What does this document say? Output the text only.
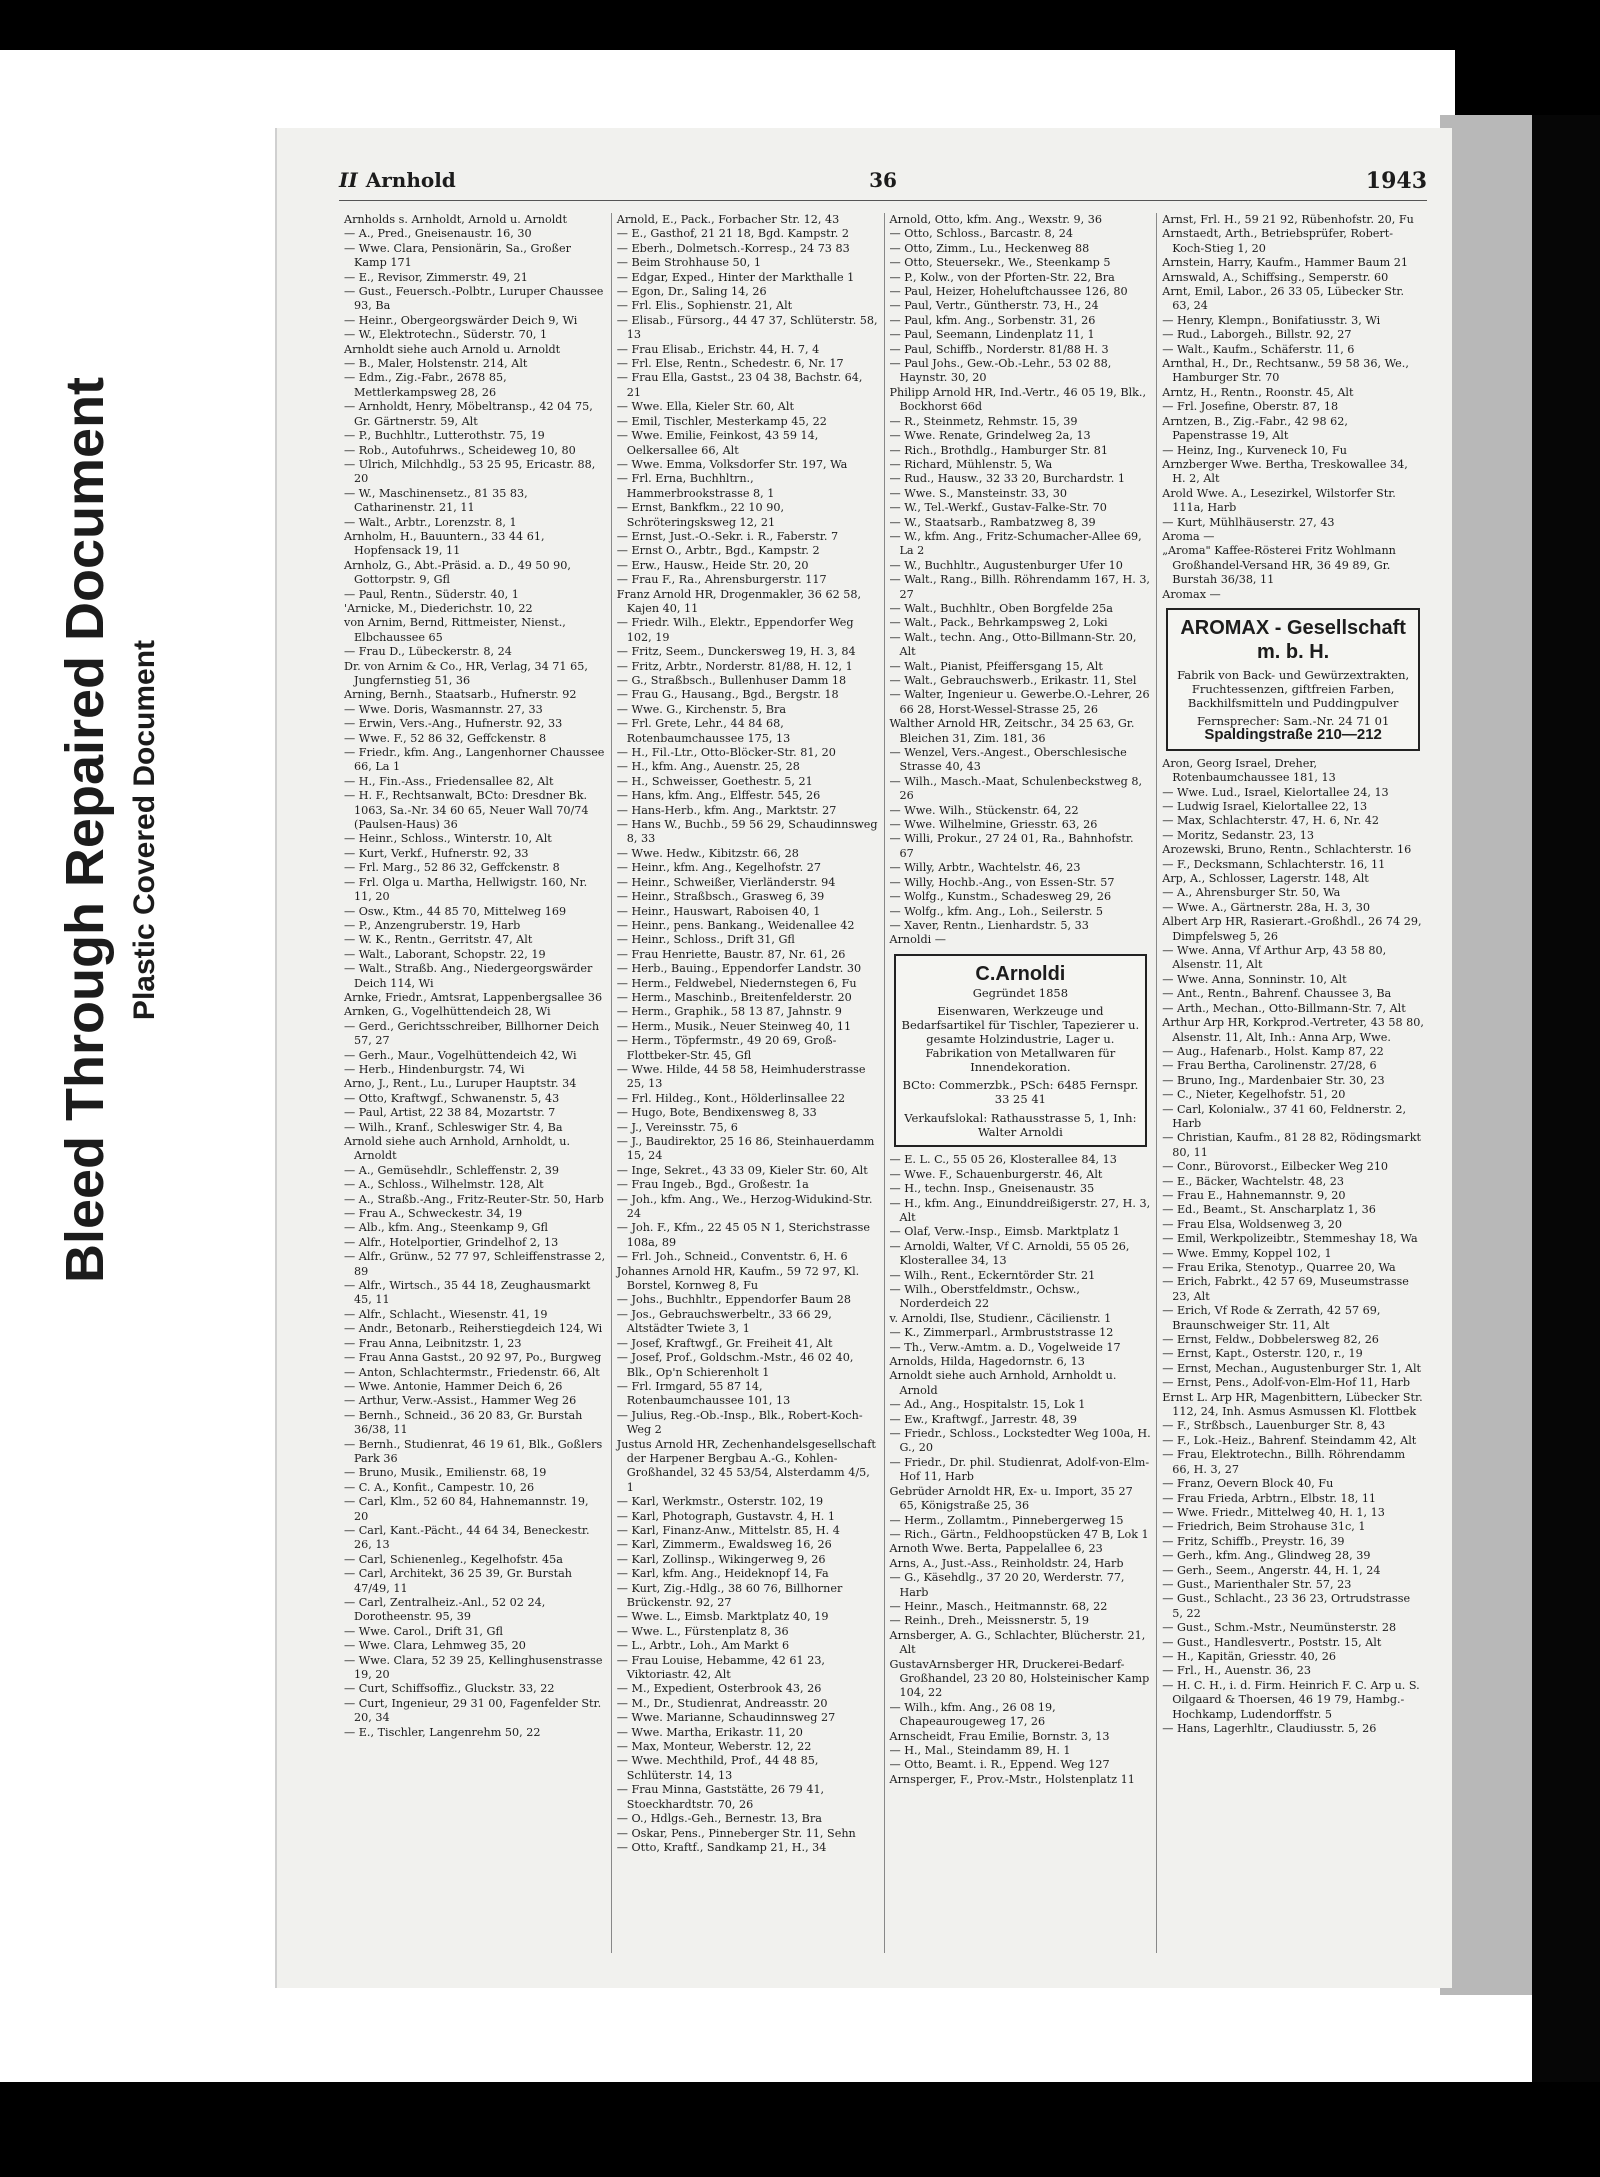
Bleed Through Repaired Document Plastic Covered Document
II Arnhold	36	1943
Arnholds s. Arnholdt, Arnold u. Arnoldt
— A., Pred., Gneisenaustr. 16, 30
— Wwe. Clara, Pensionärin, Sa., Großer Kamp 171
— E., Revisor, Zimmerstr. 49, 21
— Gust., Feuersch.-Polbtr., Luruper Chaussee 93, Ba
— Heinr., Obergeorgswärder Deich 9, Wi
— W., Elektrotechn., Süderstr. 70, 1
Arnholdt siehe auch Arnold u. Arnoldt
— B., Maler, Holstenstr. 214, Alt
— Edm., Zig.-Fabr., 2678 85, Mettlerkampsweg 28, 26
— Arnholdt, Henry, Möbeltransp., 42 04 75, Gr. Gärtnerstr. 59, Alt
— P., Buchhltr., Lutterothstr. 75, 19
— Rob., Autofuhrws., Scheideweg 10, 80
— Ulrich, Milchhdlg., 53 25 95, Ericastr. 88, 20
— W., Maschinensetz., 81 35 83, Catharinenstr. 21, 11
— Walt., Arbtr., Lorenzstr. 8, 1
Arnholm, H., Bauuntern., 33 44 61, Hopfensack 19, 11
Arnholz, G., Abt.-Präsid. a. D., 49 50 90, Gottorpstr. 9, Gfl
— Paul, Rentn., Süderstr. 40, 1
'Arnicke, M., Diederichstr. 10, 22
von Arnim, Bernd, Rittmeister, Nienst., Elbchaussee 65
— Frau D., Lübeckerstr. 8, 24
Dr. von Arnim & Co., HR, Verlag, 34 71 65, Jungfernstieg 51, 36
Arning, Bernh., Staatsarb., Hufnerstr. 92
— Wwe. Doris, Wasmannstr. 27, 33
— Erwin, Vers.-Ang., Hufnerstr. 92, 33
— Wwe. F., 52 86 32, Geffckenstr. 8
— Friedr., kfm. Ang., Langenhorner Chaussee 66, La 1
— H., Fin.-Ass., Friedensallee 82, Alt
— H. F., Rechtsanwalt, BCto: Dresdner Bk. 1063, Sa.-Nr. 34 60 65, Neuer Wall 70/74 (Paulsen-Haus) 36
— Heinr., Schloss., Winterstr. 10, Alt
— Kurt, Verkf., Hufnerstr. 92, 33
— Frl. Marg., 52 86 32, Geffckenstr. 8
— Frl. Olga u. Martha, Hellwigstr. 160, Nr. 11, 20
— Osw., Ktm., 44 85 70, Mittelweg 169
— P., Anzengruberstr. 19, Harb
— W. K., Rentn., Gerritstr. 47, Alt
— Walt., Laborant, Schopstr. 22, 19
— Walt., Straßb. Ang., Niedergeorgswärder Deich 114, Wi
Arnke, Friedr., Amtsrat, Lappenbergsallee 36
Arnken, G., Vogelhüttendeich 28, Wi
— Gerd., Gerichtsschreiber, Billhorner Deich 57, 27
— Gerh., Maur., Vogelhüttendeich 42, Wi
— Herb., Hindenburgstr. 74, Wi
Arno, J., Rent., Lu., Luruper Hauptstr. 34
— Otto, Kraftwgf., Schwanenstr. 5, 43
— Paul, Artist, 22 38 84, Mozartstr. 7
— Wilh., Kranf., Schleswiger Str. 4, Ba
Arnold siehe auch Arnhold, Arnholdt, u. Arnoldt
— A., Gemüsehdlr., Schleffenstr. 2, 39
— A., Schloss., Wilhelmstr. 128, Alt
— A., Straßb.-Ang., Fritz-Reuter-Str. 50, Harb
— Frau A., Schweckestr. 34, 19
— Alb., kfm. Ang., Steenkamp 9, Gfl
— Alfr., Hotelportier, Grindelhof 2, 13
— Alfr., Grünw., 52 77 97, Schleiffenstrasse 2, 89
— Alfr., Wirtsch., 35 44 18, Zeughausmarkt 45, 11
— Alfr., Schlacht., Wiesenstr. 41, 19
— Andr., Betonarb., Reiherstiegdeich 124, Wi
— Frau Anna, Leibnitzstr. 1, 23
— Frau Anna Gastst., 20 92 97, Po., Burgweg
— Anton, Schlachtermstr., Friedenstr. 66, Alt
— Wwe. Antonie, Hammer Deich 6, 26
— Arthur, Verw.-Assist., Hammer Weg 26
— Bernh., Schneid., 36 20 83, Gr. Burstah 36/38, 11
— Bernh., Studienrat, 46 19 61, Blk., Goßlers Park 36
— Bruno, Musik., Emilienstr. 68, 19
— C. A., Konfit., Campestr. 10, 26
— Carl, Klm., 52 60 84, Hahnemannstr. 19, 20
— Carl, Kant.-Pächt., 44 64 34, Beneckestr. 26, 13
— Carl, Schienenleg., Kegelhofstr. 45a
— Carl, Architekt, 36 25 39, Gr. Burstah 47/49, 11
— Carl, Zentralheiz.-Anl., 52 02 24, Dorotheenstr. 95, 39
— Wwe. Carol., Drift 31, Gfl
— Wwe. Clara, Lehmweg 35, 20
— Wwe. Clara, 52 39 25, Kellinghusenstrasse 19, 20
— Curt, Schiffsoffiz., Gluckstr. 33, 22
— Curt, Ingenieur, 29 31 00, Fagenfelder Str. 20, 34
— E., Tischler, Langenrehm 50, 22
Arnold, E., Pack., Forbacher Str. 12, 43
— E., Gasthof, 21 21 18, Bgd. Kampstr. 2
— Eberh., Dolmetsch.-Korresp., 24 73 83
— Beim Strohhause 50, 1
— Edgar, Exped., Hinter der Markthalle 1
— Egon, Dr., Saling 14, 26
— Frl. Elis., Sophienstr. 21, Alt
— Elisab., Fürsorg., 44 47 37, Schlüterstr. 58, 13
— Frau Elisab., Erichstr. 44, H. 7, 4
— Frl. Else, Rentn., Schedestr. 6, Nr. 17
— Frau Ella, Gastst., 23 04 38, Bachstr. 64, 21
— Wwe. Ella, Kieler Str. 60, Alt
— Emil, Tischler, Mesterkamp 45, 22
— Wwe. Emilie, Feinkost, 43 59 14, Oelkersallee 66, Alt
— Wwe. Emma, Volksdorfer Str. 197, Wa
— Frl. Erna, Buchhltrn., Hammerbrookstrasse 8, 1
— Ernst, Bankfkm., 22 10 90, Schröteringsksweg 12, 21
— Ernst, Just.-O.-Sekr. i. R., Faberstr. 7
— Ernst O., Arbtr., Bgd., Kampstr. 2
— Erw., Hausw., Heide Str. 20, 20
— Frau F., Ra., Ahrensburgerstr. 117
Franz Arnold HR, Drogenmakler, 36 62 58, Kajen 40, 11
— Friedr. Wilh., Elektr., Eppendorfer Weg 102, 19
— Fritz, Seem., Dunckersweg 19, H. 3, 84
— Fritz, Arbtr., Norderstr. 81/88, H. 12, 1
— G., Straßbsch., Bullenhuser Damm 18
— Frau G., Hausang., Bgd., Bergstr. 18
— Wwe. G., Kirchenstr. 5, Bra
— Frl. Grete, Lehr., 44 84 68, Rotenbaumchaussee 175, 13
— H., Fil.-Ltr., Otto-Blöcker-Str. 81, 20
— H., kfm. Ang., Auenstr. 25, 28
— H., Schweisser, Goethestr. 5, 21
— Hans, kfm. Ang., Elffestr. 545, 26
— Hans-Herb., kfm. Ang., Marktstr. 27
— Hans W., Buchb., 59 56 29, Schaudinnsweg 8, 33
— Wwe. Hedw., Kibitzstr. 66, 28
— Heinr., kfm. Ang., Kegelhofstr. 27
— Heinr., Schweißer, Vierländerstr. 94
— Heinr., Straßbsch., Grasweg 6, 39
— Heinr., Hauswart, Raboisen 40, 1
— Heinr., pens. Bankang., Weidenallee 42
— Heinr., Schloss., Drift 31, Gfl
— Frau Henriette, Baustr. 87, Nr. 61, 26
— Herb., Bauing., Eppendorfer Landstr. 30
— Herm., Feldwebel, Niedernstegen 6, Fu
— Herm., Maschinb., Breitenfelderstr. 20
— Herm., Graphik., 58 13 87, Jahnstr. 9
— Herm., Musik., Neuer Steinweg 40, 11
— Herm., Töpfermstr., 49 20 69, Groß-Flottbeker-Str. 45, Gfl
— Wwe. Hilde, 44 58 58, Heimhuderstrasse 25, 13
— Frl. Hildeg., Kont., Hölderlinsallee 22
— Hugo, Bote, Bendixensweg 8, 33
— J., Vereinsstr. 75, 6
— J., Baudirektor, 25 16 86, Steinhauerdamm 15, 24
— Inge, Sekret., 43 33 09, Kieler Str. 60, Alt
— Frau Ingeb., Bgd., Großestr. 1a
— Joh., kfm. Ang., We., Herzog-Widukind-Str. 24
— Joh. F., Kfm., 22 45 05 N 1, Sterichstrasse 108a, 89
— Frl. Joh., Schneid., Conventstr. 6, H. 6
Johannes Arnold HR, Kaufm., 59 72 97, Kl. Borstel, Kornweg 8, Fu
— Johs., Buchhltr., Eppendorfer Baum 28
— Jos., Gebrauchswerbeltr., 33 66 29, Altstädter Twiete 3, 1
— Josef, Kraftwgf., Gr. Freiheit 41, Alt
— Josef, Prof., Goldschm.-Mstr., 46 02 40, Blk., Op'n Schierenholt 1
— Frl. Irmgard, 55 87 14, Rotenbaumchaussee 101, 13
— Julius, Reg.-Ob.-Insp., Blk., Robert-Koch-Weg 2
Justus Arnold HR, Zechenhandelsgesellschaft der Harpener Bergbau A.-G., Kohlen-Großhandel, 32 45 53/54, Alsterdamm 4/5, 1
— Karl, Werkmstr., Osterstr. 102, 19
— Karl, Photograph, Gustavstr. 4, H. 1
— Karl, Finanz-Anw., Mittelstr. 85, H. 4
— Karl, Zimmerm., Ewaldsweg 16, 26
— Karl, Zollinsp., Wikingerweg 9, 26
— Karl, kfm. Ang., Heideknopf 14, Fa
— Kurt, Zig.-Hdlg., 38 60 76, Billhorner Brückenstr. 92, 27
— Wwe. L., Eimsb. Marktplatz 40, 19
— Wwe. L., Fürstenplatz 8, 36
— L., Arbtr., Loh., Am Markt 6
— Frau Louise, Hebamme, 42 61 23, Viktoriastr. 42, Alt
— M., Expedient, Osterbrook 43, 26
— M., Dr., Studienrat, Andreasstr. 20
— Wwe. Marianne, Schaudinnsweg 27
— Wwe. Martha, Erikastr. 11, 20
— Max, Monteur, Weberstr. 12, 22
— Wwe. Mechthild, Prof., 44 48 85, Schlüterstr. 14, 13
— Frau Minna, Gaststätte, 26 79 41, Stoeckhardtstr. 70, 26
— O., Hdlgs.-Geh., Bernestr. 13, Bra
— Oskar, Pens., Pinneberger Str. 11, Sehn
— Otto, Kraftf., Sandkamp 21, H., 34
Arnold, Otto, kfm. Ang., Wexstr. 9, 36
— Otto, Schloss., Barcastr. 8, 24
— Otto, Zimm., Lu., Heckenweg 88
— Otto, Steuersekr., We., Steenkamp 5
— P., Kolw., von der Pforten-Str. 22, Bra
— Paul, Heizer, Hoheluftchaussee 126, 80
— Paul, Vertr., Güntherstr. 73, H., 24
— Paul, kfm. Ang., Sorbenstr. 31, 26
— Paul, Seemann, Lindenplatz 11, 1
— Paul, Schiffb., Norderstr. 81/88 H. 3
— Paul Johs., Gew.-Ob.-Lehr., 53 02 88, Haynstr. 30, 20
Philipp Arnold HR, Ind.-Vertr., 46 05 19, Blk., Bockhorst 66d
— R., Steinmetz, Rehmstr. 15, 39
— Wwe. Renate, Grindelweg 2a, 13
— Rich., Brothdlg., Hamburger Str. 81
— Richard, Mühlenstr. 5, Wa
— Rud., Hausw., 32 33 20, Burchardstr. 1
— Wwe. S., Mansteinstr. 33, 30
— W., Tel.-Werkf., Gustav-Falke-Str. 70
— W., Staatsarb., Rambatzweg 8, 39
— W., kfm. Ang., Fritz-Schumacher-Allee 69, La 2
— W., Buchhltr., Augustenburger Ufer 10
— Walt., Rang., Billh. Röhrendamm 167, H. 3, 27
— Walt., Buchhltr., Oben Borgfelde 25a
— Walt., Pack., Behrkampsweg 2, Loki
— Walt., techn. Ang., Otto-Billmann-Str. 20, Alt
— Walt., Pianist, Pfeiffersgang 15, Alt
— Walt., Gebrauchswerb., Erikastr. 11, Stel
— Walter, Ingenieur u. Gewerbe.O.-Lehrer, 26 66 28, Horst-Wessel-Strasse 25, 26
Walther Arnold HR, Zeitschr., 34 25 63, Gr. Bleichen 31, Zim. 181, 36
— Wenzel, Vers.-Angest., Oberschlesische Strasse 40, 43
— Wilh., Masch.-Maat, Schulenbeckstweg 8, 26
— Wwe. Wilh., Stückenstr. 64, 22
— Wwe. Wilhelmine, Griesstr. 63, 26
— Willi, Prokur., 27 24 01, Ra., Bahnhofstr. 67
— Willy, Arbtr., Wachtelstr. 46, 23
— Willy, Hochb.-Ang., von Essen-Str. 57
— Wolfg., Kunstm., Schadesweg 29, 26
— Wolfg., kfm. Ang., Loh., Seilerstr. 5
— Xaver, Rentn., Lienhardstr. 5, 33
Arnoldi —
C.Arnoldi
Gegründet 1858
Eisenwaren, Werkzeuge und Bedarfsartikel für Tischler, Tapezierer u. gesamte Holzindustrie, Lager u. Fabrikation von Metallwaren für Innendekoration.
BCto: Commerzbk., PSch: 6485 Fernspr. 33 25 41
Verkaufslokal: Rathausstrasse 5, 1, Inh: Walter Arnoldi
— E. L. C., 55 05 26, Klosterallee 84, 13
— Wwe. F., Schauenburgerstr. 46, Alt
— H., techn. Insp., Gneisenaustr. 35
— H., kfm. Ang., Einunddreißigerstr. 27, H. 3, Alt
— Olaf, Verw.-Insp., Eimsb. Marktplatz 1
— Arnoldi, Walter, Vf C. Arnoldi, 55 05 26, Klosterallee 34, 13
— Wilh., Rent., Eckerntörder Str. 21
— Wilh., Oberstfeldmstr., Ochsw., Norderdeich 22
v. Arnoldi, Ilse, Studienr., Cäcilienstr. 1
— K., Zimmerparl., Armbruststrasse 12
— Th., Verw.-Amtm. a. D., Vogelweide 17
Arnolds, Hilda, Hagedornstr. 6, 13
Arnoldt siehe auch Arnhold, Arnholdt u. Arnold
— Ad., Ang., Hospitalstr. 15, Lok 1
— Ew., Kraftwgf., Jarrestr. 48, 39
— Friedr., Schloss., Lockstedter Weg 100a, H. G., 20
— Friedr., Dr. phil. Studienrat, Adolf-von-Elm-Hof 11, Harb
Gebrüder Arnoldt HR, Ex- u. Import, 35 27 65, Königstraße 25, 36
— Herm., Zollamtm., Pinnebergerweg 15
— Rich., Gärtn., Feldhoopstücken 47 B, Lok 1
Arnoth Wwe. Berta, Pappelallee 6, 23
Arns, A., Just.-Ass., Reinholdstr. 24, Harb
— G., Käsehdlg., 37 20 20, Werderstr. 77, Harb
— Heinr., Masch., Heitmannstr. 68, 22
— Reinh., Dreh., Meissnerstr. 5, 19
Arnsberger, A. G., Schlachter, Blücherstr. 21, Alt
GustavArnsberger HR, Druckerei-Bedarf-Großhandel, 23 20 80, Holsteinischer Kamp 104, 22
— Wilh., kfm. Ang., 26 08 19, Chapeaurougeweg 17, 26
Arnscheidt, Frau Emilie, Bornstr. 3, 13
— H., Mal., Steindamm 89, H. 1
— Otto, Beamt. i. R., Eppend. Weg 127
Arnsperger, F., Prov.-Mstr., Holstenplatz 11
Arnst, Frl. H., 59 21 92, Rübenhofstr. 20, Fu
Arnstaedt, Arth., Betriebsprüfer, Robert-Koch-Stieg 1, 20
Arnstein, Harry, Kaufm., Hammer Baum 21
Arnswald, A., Schiffsing., Semperstr. 60
Arnt, Emil, Labor., 26 33 05, Lübecker Str. 63, 24
— Henry, Klempn., Bonifatiusstr. 3, Wi
— Rud., Laborgeh., Billstr. 92, 27
— Walt., Kaufm., Schäferstr. 11, 6
Arnthal, H., Dr., Rechtsanw., 59 58 36, We., Hamburger Str. 70
Arntz, H., Rentn., Roonstr. 45, Alt
— Frl. Josefine, Oberstr. 87, 18
Arntzen, B., Zig.-Fabr., 42 98 62, Papenstrasse 19, Alt
— Heinz, Ing., Kurveneck 10, Fu
Arnzberger Wwe. Bertha, Treskowallee 34, H. 2, Alt
Arold Wwe. A., Lesezirkel, Wilstorfer Str. 111a, Harb
— Kurt, Mühlhäuserstr. 27, 43
Aroma —
„Aroma" Kaffee-Rösterei Fritz Wohlmann Großhandel-Versand HR, 36 49 89, Gr. Burstah 36/38, 11
Aromax —
AROMAX - Gesellschaft m. b. H.
Fabrik von Back- und Gewürzextrakten, Fruchtessenzen, giftfreien Farben, Backhilfsmitteln und Puddingpulver
Fernsprecher: Sam.-Nr. 24 71 01
Spaldingstraße 210—212
Aron, Georg Israel, Dreher, Rotenbaumchaussee 181, 13
— Wwe. Lud., Israel, Kielortallee 24, 13
— Ludwig Israel, Kielortallee 22, 13
— Max, Schlachterstr. 47, H. 6, Nr. 42
— Moritz, Sedanstr. 23, 13
Arozewski, Bruno, Rentn., Schlachterstr. 16
— F., Decksmann, Schlachterstr. 16, 11
Arp, A., Schlosser, Lagerstr. 148, Alt
— A., Ahrensburger Str. 50, Wa
— Wwe. A., Gärtnerstr. 28a, H. 3, 30
Albert Arp HR, Rasierart.-Großhdl., 26 74 29, Dimpfelsweg 5, 26
— Wwe. Anna, Vf Arthur Arp, 43 58 80, Alsenstr. 11, Alt
— Wwe. Anna, Sonninstr. 10, Alt
— Ant., Rentn., Bahrenf. Chaussee 3, Ba
— Arth., Mechan., Otto-Billmann-Str. 7, Alt
Arthur Arp HR, Korkprod.-Vertreter, 43 58 80, Alsenstr. 11, Alt, Inh.: Anna Arp, Wwe.
— Aug., Hafenarb., Holst. Kamp 87, 22
— Frau Bertha, Carolinenstr. 27/28, 6
— Bruno, Ing., Mardenbaier Str. 30, 23
— C., Nieter, Kegelhofstr. 51, 20
— Carl, Kolonialw., 37 41 60, Feldnerstr. 2, Harb
— Christian, Kaufm., 81 28 82, Rödingsmarkt 80, 11
— Conr., Bürovorst., Eilbecker Weg 210
— E., Bäcker, Wachtelstr. 48, 23
— Frau E., Hahnemannstr. 9, 20
— Ed., Beamt., St. Anscharplatz 1, 36
— Frau Elsa, Woldsenweg 3, 20
— Emil, Werkpolizeibtr., Stemmeshay 18, Wa
— Wwe. Emmy, Koppel 102, 1
— Frau Erika, Stenotyp., Quarree 20, Wa
— Erich, Fabrkt., 42 57 69, Museumstrasse 23, Alt
— Erich, Vf Rode & Zerrath, 42 57 69, Braunschweiger Str. 11, Alt
— Ernst, Feldw., Dobbelersweg 82, 26
— Ernst, Kapt., Osterstr. 120, r., 19
— Ernst, Mechan., Augustenburger Str. 1, Alt
— Ernst, Pens., Adolf-von-Elm-Hof 11, Harb
Ernst L. Arp HR, Magenbittern, Lübecker Str. 112, 24, Inh. Asmus Asmussen Kl. Flottbek
— F., Strßbsch., Lauenburger Str. 8, 43
— F., Lok.-Heiz., Bahrenf. Steindamm 42, Alt
— Frau, Elektrotechn., Billh. Röhrendamm 66, H. 3, 27
— Franz, Oevern Block 40, Fu
— Frau Frieda, Arbtrn., Elbstr. 18, 11
— Wwe. Friedr., Mittelweg 40, H. 1, 13
— Friedrich, Beim Strohause 31c, 1
— Fritz, Schiffb., Preystr. 16, 39
— Gerh., kfm. Ang., Glindweg 28, 39
— Gerh., Seem., Angerstr. 44, H. 1, 24
— Gust., Marienthaler Str. 57, 23
— Gust., Schlacht., 23 36 23, Ortrudstrasse 5, 22
— Gust., Schm.-Mstr., Neumünsterstr. 28
— Gust., Handlesvertr., Poststr. 15, Alt
— H., Kapitän, Griesstr. 40, 26
— Frl., H., Auenstr. 36, 23
— H. C. H., i. d. Firm. Heinrich F. C. Arp u. S. Oilgaard & Thoersen, 46 19 79, Hambg.-Hochkamp, Ludendorffstr. 5
— Hans, Lagerhltr., Claudiusstr. 5, 26
